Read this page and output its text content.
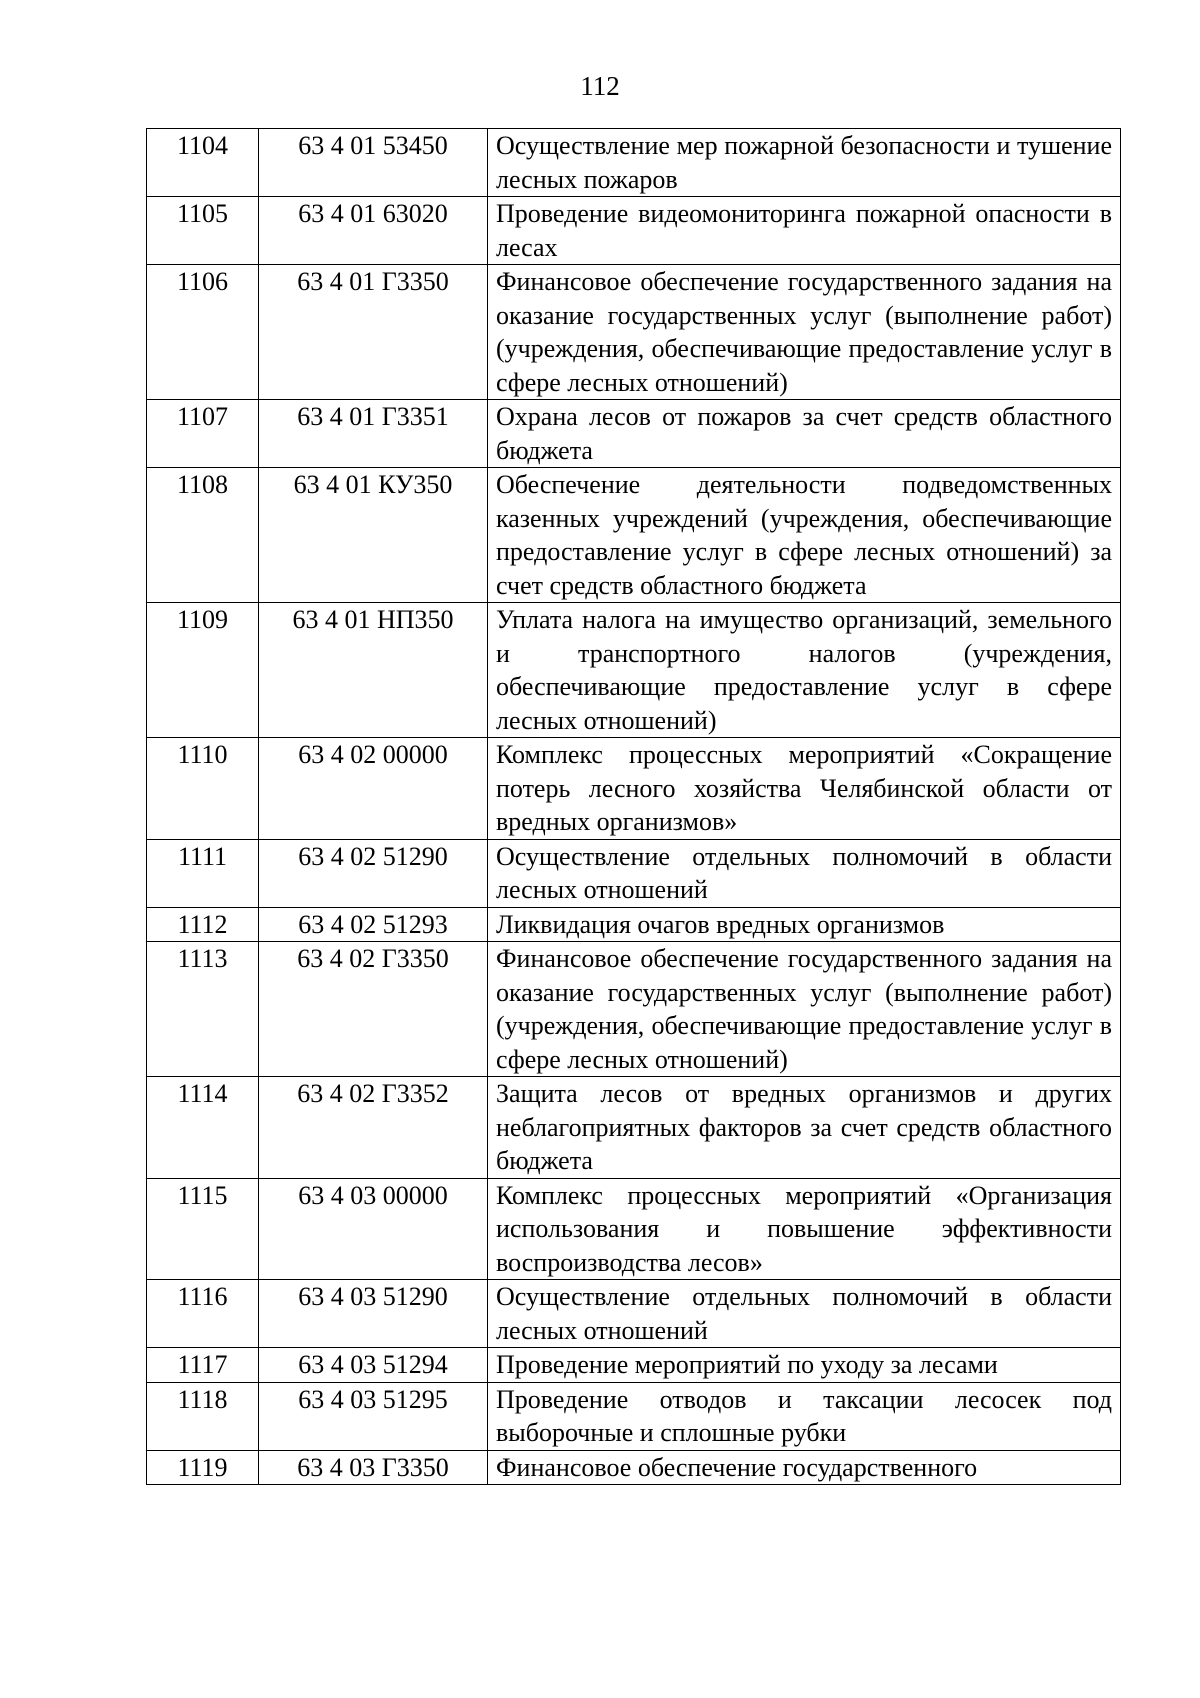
112
1104	63 4 01 53450	Осуществление мер пожарной безопасности и тушение лесных пожаров
1105	63 4 01 63020	Проведение видеомониторинга пожарной опасности в лесах
1106	63 4 01 Г3350	Финансовое обеспечение государственного задания на оказание государственных услуг (выполнение работ) (учреждения, обеспечивающие предоставление услуг в сфере лесных отношений)
1107	63 4 01 Г3351	Охрана лесов от пожаров за счет средств областного бюджета
1108	63 4 01 КУ350	Обеспечение деятельности подведомственных казенных учреждений (учреждения, обеспечивающие предоставление услуг в сфере лесных отношений) за счет средств областного бюджета
1109	63 4 01 НП350	Уплата налога на имущество организаций, земельного и транспортного налогов (учреждения, обеспечивающие предоставление услуг в сфере лесных отношений)
1110	63 4 02 00000	Комплекс процессных мероприятий «Сокращение потерь лесного хозяйства Челябинской области от вредных организмов»
1111	63 4 02 51290	Осуществление отдельных полномочий в области лесных отношений
1112	63 4 02 51293	Ликвидация очагов вредных организмов
1113	63 4 02 Г3350	Финансовое обеспечение государственного задания на оказание государственных услуг (выполнение работ) (учреждения, обеспечивающие предоставление услуг в сфере лесных отношений)
1114	63 4 02 Г3352	Защита лесов от вредных организмов и других неблагоприятных факторов за счет средств областного бюджета
1115	63 4 03 00000	Комплекс процессных мероприятий «Организация использования и повышение эффективности воспроизводства лесов»
1116	63 4 03 51290	Осуществление отдельных полномочий в области лесных отношений
1117	63 4 03 51294	Проведение мероприятий по уходу за лесами
1118	63 4 03 51295	Проведение отводов и таксации лесосек под выборочные и сплошные рубки
1119	63 4 03 Г3350	Финансовое обеспечение государственного
